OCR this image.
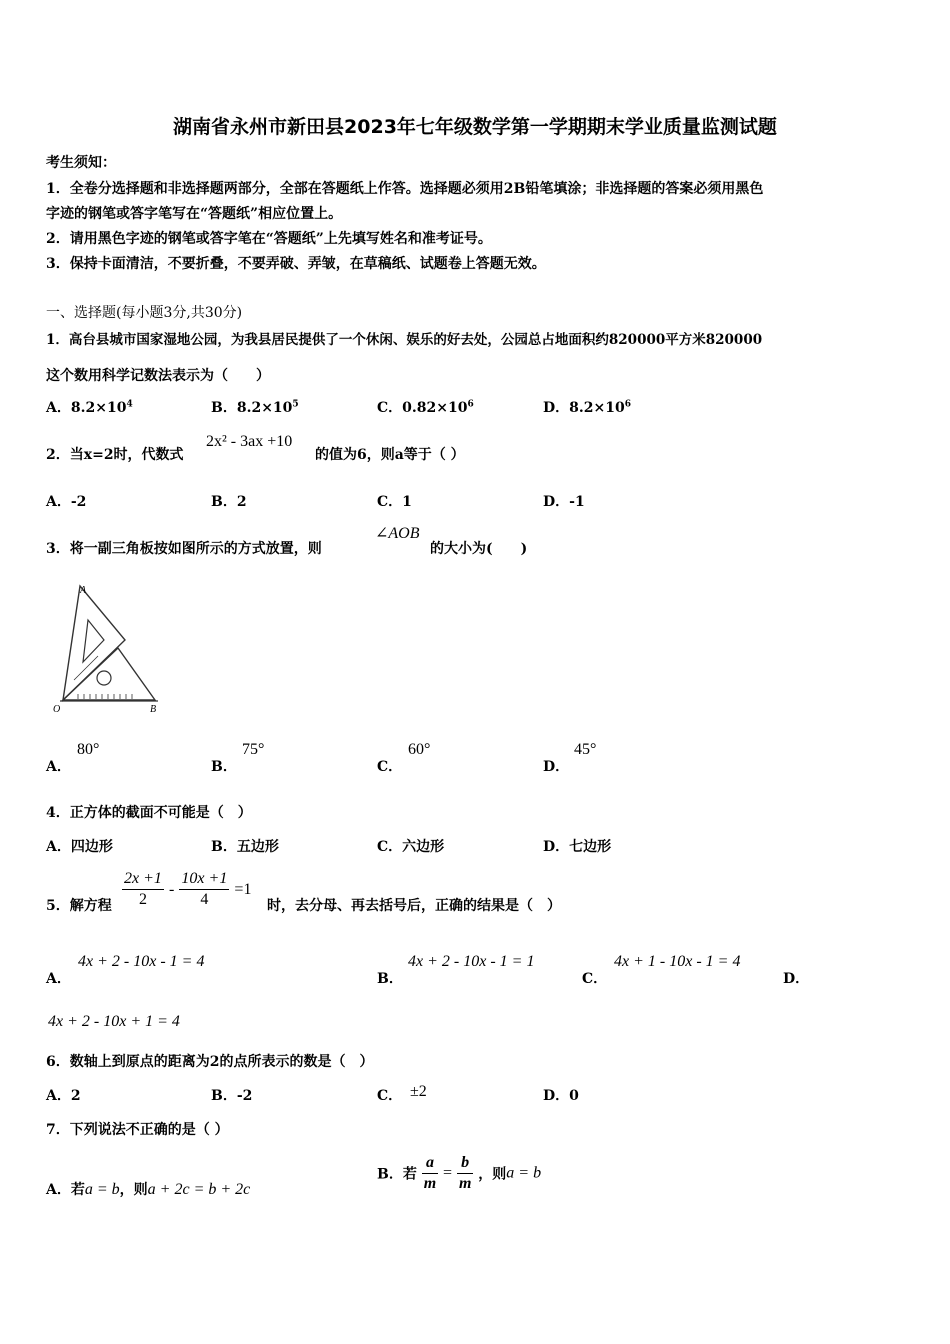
湖南省永州市新田县2023年七年级数学第一学期期末学业质量监测试题
考生须知：
1．全卷分选择题和非选择题两部分，全部在答题纸上作答。选择题必须用2B铅笔填涂；非选择题的答案必须用黑色
字迹的钢笔或答字笔写在“答题纸”相应位置上。
2．请用黑色字迹的钢笔或答字笔在“答题纸”上先填写姓名和准考证号。
3．保持卡面清洁，不要折叠，不要弄破、弄皱，在草稿纸、试题卷上答题无效。
一、选择题(每小题3分,共30分)
1．高台县城市国家湿地公园，为我县居民提供了一个休闲、娱乐的好去处，公园总占地面积约820000平方米820000
这个数用科学记数法表示为（　　）
A．$8.2\times 10^4$	B．$8.2\times 10^5$	C．$0.82\times 10^6$	D．$8.2\times 10^6$
2．当x=2时，代数式
2x² - 3ax +10
的值为6，则a等于（ ）
A．-2	B．2	C．1	D．-1
3．将一副三角板按如图所示的方式放置，则
∠AOB
的大小为(　　)
A
O	B
A．
80°
B．
75°
C．
60°
D．
45°
4．正方体的截面不可能是（　）
A．四边形	B．五边形	C．六边形	D．七边形
5．解方程 $\frac{2x +1}{2} - \frac{10x +1}{4} =1$
时，去分母、再去括号后，正确的结果是（　）
A．
4x + 2 - 10x - 1 = 4
B．
4x + 2 - 10x - 1 = 1
C．
4x + 1 - 10x - 1 = 4
D．
4x + 2 - 10x + 1 = 4
6．数轴上到原点的距离为2的点所表示的数是（　）
A．2	B．-2	C． ±2	D．0
7．下列说法不正确的是（ ）
A．若a = b，则a + 2c = b + 2c
B．若 $\frac{a}{m} = \frac{b}{m}$ ，则a = b
